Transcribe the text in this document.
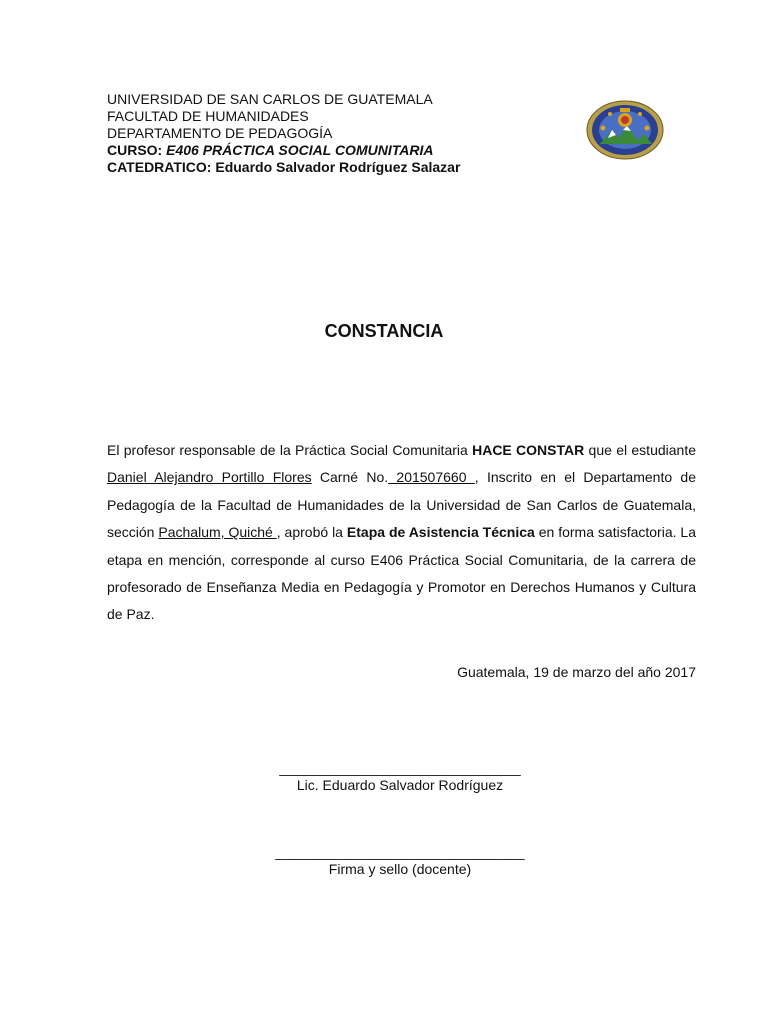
UNIVERSIDAD DE SAN CARLOS DE GUATEMALA
FACULTAD DE HUMANIDADES
DEPARTAMENTO DE PEDAGOGÍA
CURSO: E406 PRÁCTICA SOCIAL COMUNITARIA
CATEDRATICO: Eduardo Salvador Rodríguez Salazar
CONSTANCIA
El profesor responsable de la Práctica Social Comunitaria HACE CONSTAR que el estudiante Daniel Alejandro Portillo Flores Carné No. 201507660 , Inscrito en el Departamento de Pedagogía de la Facultad de Humanidades de la Universidad de San Carlos de Guatemala, sección Pachalum, Quiché , aprobó la Etapa de Asistencia Técnica en forma satisfactoria. La etapa en mención, corresponde al curso E406 Práctica Social Comunitaria, de la carrera de profesorado de Enseñanza Media en Pedagogía y Promotor en Derechos Humanos y Cultura de Paz.
Guatemala, 19 de marzo del año 2017
_______________________________
Lic. Eduardo Salvador Rodríguez
________________________________
Firma y sello (docente)
